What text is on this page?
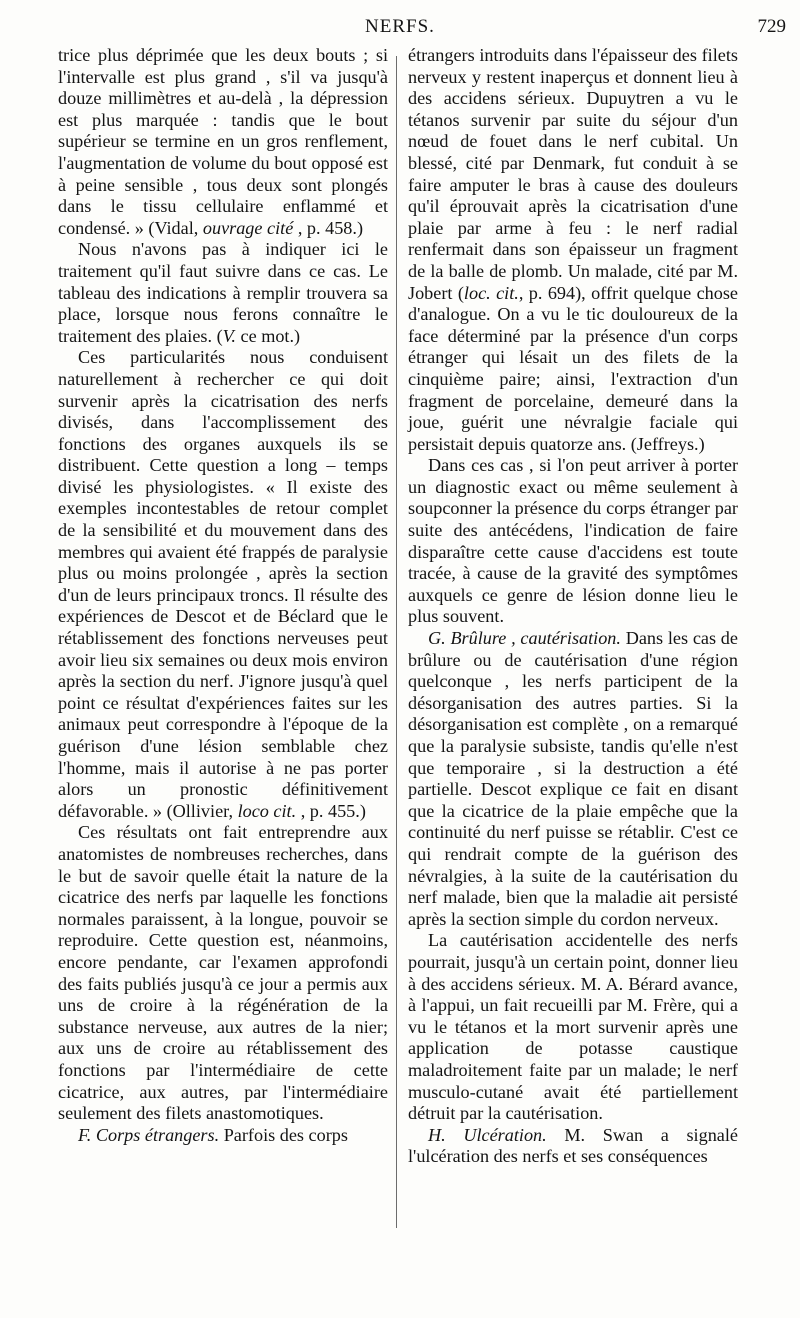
NERFS.	729

trice plus déprimée que les deux bouts ; si l'intervalle est plus grand , s'il va jusqu'à douze millimètres et au-delà , la dépression est plus marquée : tandis que le bout supérieur se termine en un gros renflement, l'augmentation de volume du bout opposé est à peine sensible , tous deux sont plongés dans le tissu cellulaire enflammé et condensé. » (Vidal, ouvrage cité , p. 458.)

Nous n'avons pas à indiquer ici le traitement qu'il faut suivre dans ce cas. Le tableau des indications à remplir trouvera sa place, lorsque nous ferons connaître le traitement des plaies. (V. ce mot.)

Ces particularités nous conduisent naturellement à rechercher ce qui doit survenir après la cicatrisation des nerfs divisés, dans l'accomplissement des fonctions des organes auxquels ils se distribuent. Cette question a long – temps divisé les physiologistes. « Il existe des exemples incontestables de retour complet de la sensibilité et du mouvement dans des membres qui avaient été frappés de paralysie plus ou moins prolongée , après la section d'un de leurs principaux troncs. Il résulte des expériences de Descot et de Béclard que le rétablissement des fonctions nerveuses peut avoir lieu six semaines ou deux mois environ après la section du nerf. J'ignore jusqu'à quel point ce résultat d'expériences faites sur les animaux peut correspondre à l'époque de la guérison d'une lésion semblable chez l'homme, mais il autorise à ne pas porter alors un pronostic définitivement défavorable. » (Ollivier, loco cit. , p. 455.)

Ces résultats ont fait entreprendre aux anatomistes de nombreuses recherches, dans le but de savoir quelle était la nature de la cicatrice des nerfs par laquelle les fonctions normales paraissent, à la longue, pouvoir se reproduire. Cette question est, néanmoins, encore pendante, car l'examen approfondi des faits publiés jusqu'à ce jour a permis aux uns de croire à la régénération de la substance nerveuse, aux autres de la nier; aux uns de croire au rétablissement des fonctions par l'intermédiaire de cette cicatrice, aux autres, par l'intermédiaire seulement des filets anastomotiques.

F. Corps étrangers. Parfois des corps

étrangers introduits dans l'épaisseur des filets nerveux y restent inaperçus et donnent lieu à des accidens sérieux. Dupuytren a vu le tétanos survenir par suite du séjour d'un nœud de fouet dans le nerf cubital. Un blessé, cité par Denmark, fut conduit à se faire amputer le bras à cause des douleurs qu'il éprouvait après la cicatrisation d'une plaie par arme à feu : le nerf radial renfermait dans son épaisseur un fragment de la balle de plomb. Un malade, cité par M. Jobert (loc. cit., p. 694), offrit quelque chose d'analogue. On a vu le tic douloureux de la face déterminé par la présence d'un corps étranger qui lésait un des filets de la cinquième paire; ainsi, l'extraction d'un fragment de porcelaine, demeuré dans la joue, guérit une névralgie faciale qui persistait depuis quatorze ans. (Jeffreys.)

Dans ces cas , si l'on peut arriver à porter un diagnostic exact ou même seulement à soupconner la présence du corps étranger par suite des antécédens, l'indication de faire disparaître cette cause d'accidens est toute tracée, à cause de la gravité des symptômes auxquels ce genre de lésion donne lieu le plus souvent.

G. Brûlure , cautérisation. Dans les cas de brûlure ou de cautérisation d'une région quelconque , les nerfs participent de la désorganisation des autres parties. Si la désorganisation est complète , on a remarqué que la paralysie subsiste, tandis qu'elle n'est que temporaire , si la destruction a été partielle. Descot explique ce fait en disant que la cicatrice de la plaie empêche que la continuité du nerf puisse se rétablir. C'est ce qui rendrait compte de la guérison des névralgies, à la suite de la cautérisation du nerf malade, bien que la maladie ait persisté après la section simple du cordon nerveux.

La cautérisation accidentelle des nerfs pourrait, jusqu'à un certain point, donner lieu à des accidens sérieux. M. A. Bérard avance, à l'appui, un fait recueilli par M. Frère, qui a vu le tétanos et la mort survenir après une application de potasse caustique maladroitement faite par un malade; le nerf musculo-cutané avait été partiellement détruit par la cautérisation.

H. Ulcération. M. Swan a signalé l'ulcération des nerfs et ses conséquences
